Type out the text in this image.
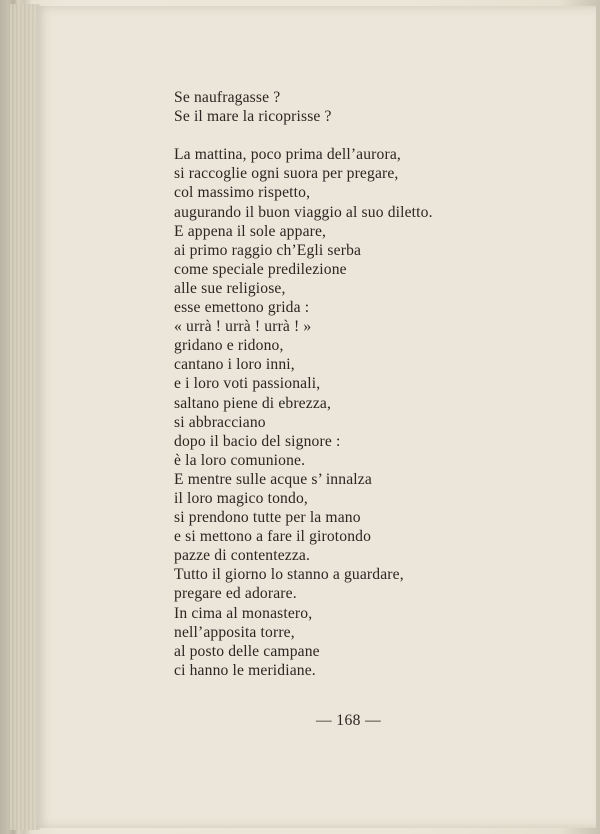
Se naufragasse ?
Se il mare la ricoprisse ?
La mattina, poco prima dell’aurora,
si raccoglie ogni suora per pregare,
col massimo rispetto,
augurando il buon viaggio al suo diletto.
E appena il sole appare,
ai primo raggio ch’Egli serba
come speciale predilezione
alle sue religiose,
esse emettono grida :
« urrà ! urrà ! urrà ! »
gridano e ridono,
cantano i loro inni,
e i loro voti passionali,
saltano piene di ebrezza,
si abbracciano
dopo il bacio del signore :
è la loro comunione.
E mentre sulle acque s’ innalza
il loro magico tondo,
si prendono tutte per la mano
e si mettono a fare il girotondo
pazze di contentezza.
Tutto il giorno lo stanno a guardare,
pregare ed adorare.
In cima al monastero,
nell’apposita torre,
al posto delle campane
ci hanno le meridiane.
— 168 —
